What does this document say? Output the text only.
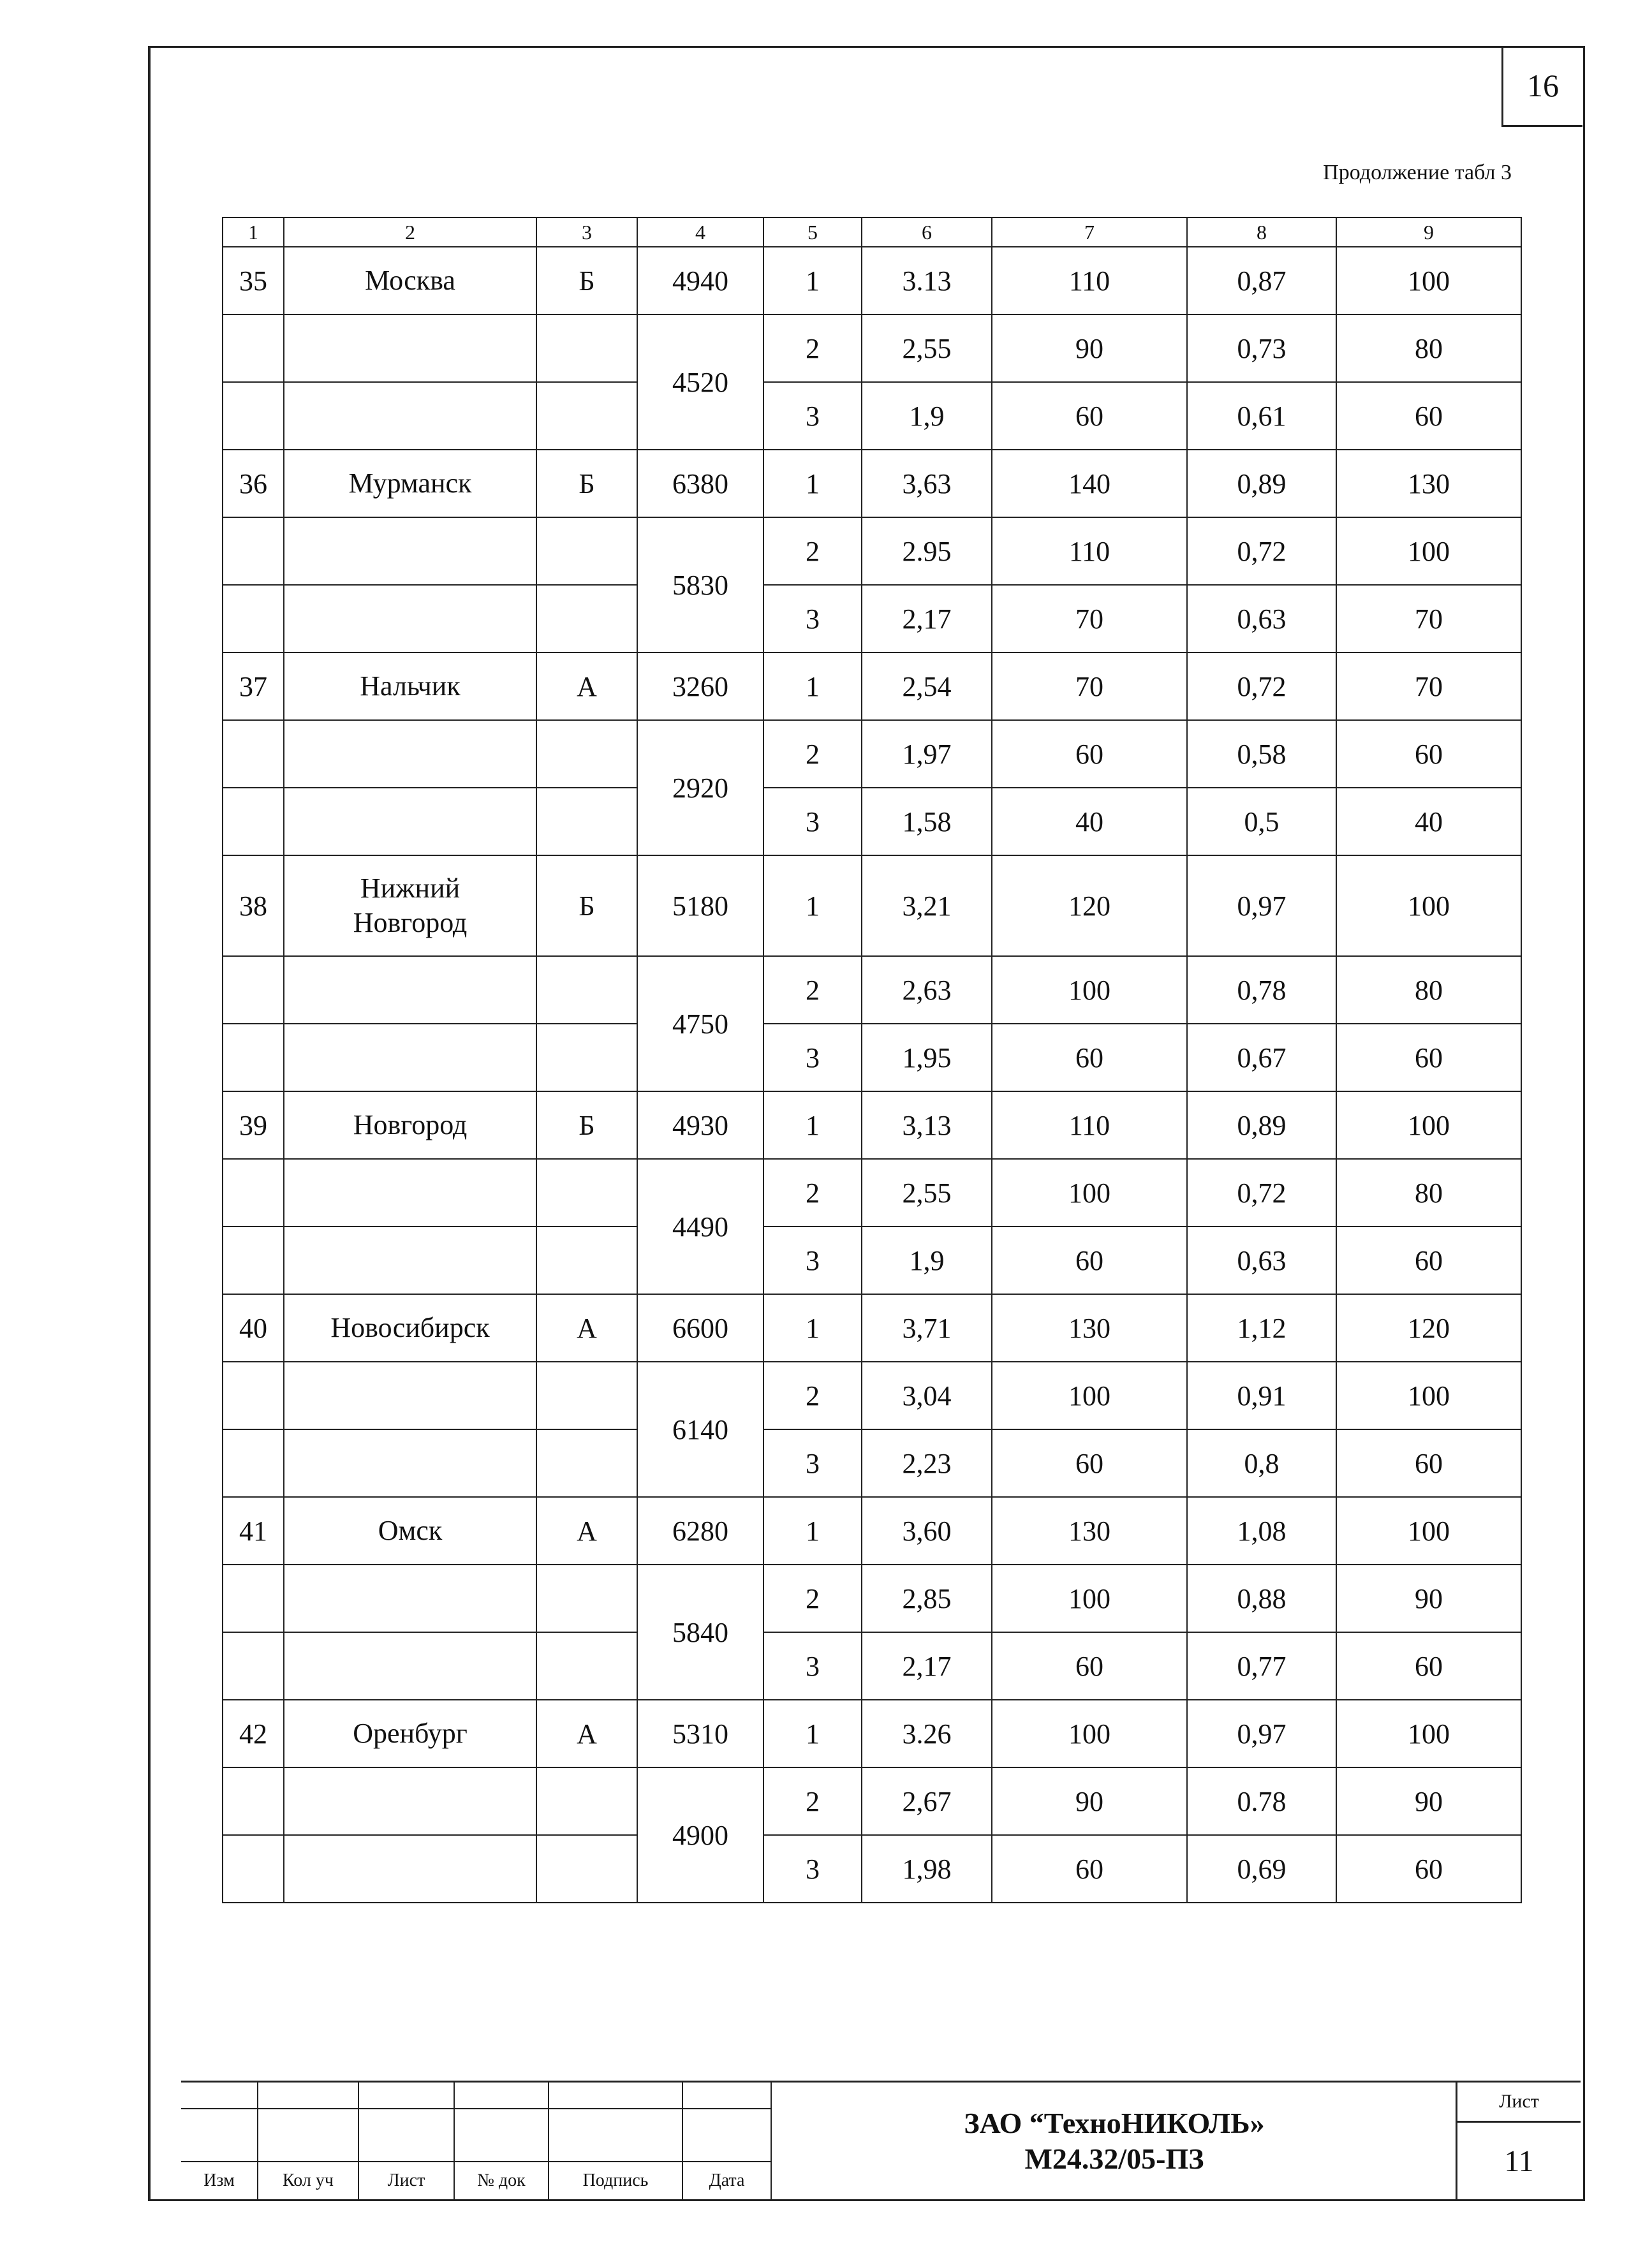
16
Продолжение табл 3
1	2	3	4	5	6	7	8	9
35	Москва	Б	4940	1	3.13	110	0,87	100
			4520	2	2,55	90	0,73	80
				3	1,9	60	0,61	60
36	Мурманск	Б	6380	1	3,63	140	0,89	130
			5830	2	2.95	110	0,72	100
				3	2,17	70	0,63	70
37	Нальчик	А	3260	1	2,54	70	0,72	70
			2920	2	1,97	60	0,58	60
				3	1,58	40	0,5	40
38	Нижний
Новгород	Б	5180	1	3,21	120	0,97	100
			4750	2	2,63	100	0,78	80
				3	1,95	60	0,67	60
39	Новгород	Б	4930	1	3,13	110	0,89	100
			4490	2	2,55	100	0,72	80
				3	1,9	60	0,63	60
40	Новосибирск	А	6600	1	3,71	130	1,12	120
			6140	2	3,04	100	0,91	100
				3	2,23	60	0,8	60
41	Омск	А	6280	1	3,60	130	1,08	100
			5840	2	2,85	100	0,88	90
				3	2,17	60	0,77	60
42	Оренбург	А	5310	1	3.26	100	0,97	100
			4900	2	2,67	90	0.78	90
				3	1,98	60	0,69	60

Изм	Кол уч	Лист	№ док	Подпись	Дата
ЗАО “ТехноНИКОЛЬ»
М24.32/05-ПЗ
Лист
11
